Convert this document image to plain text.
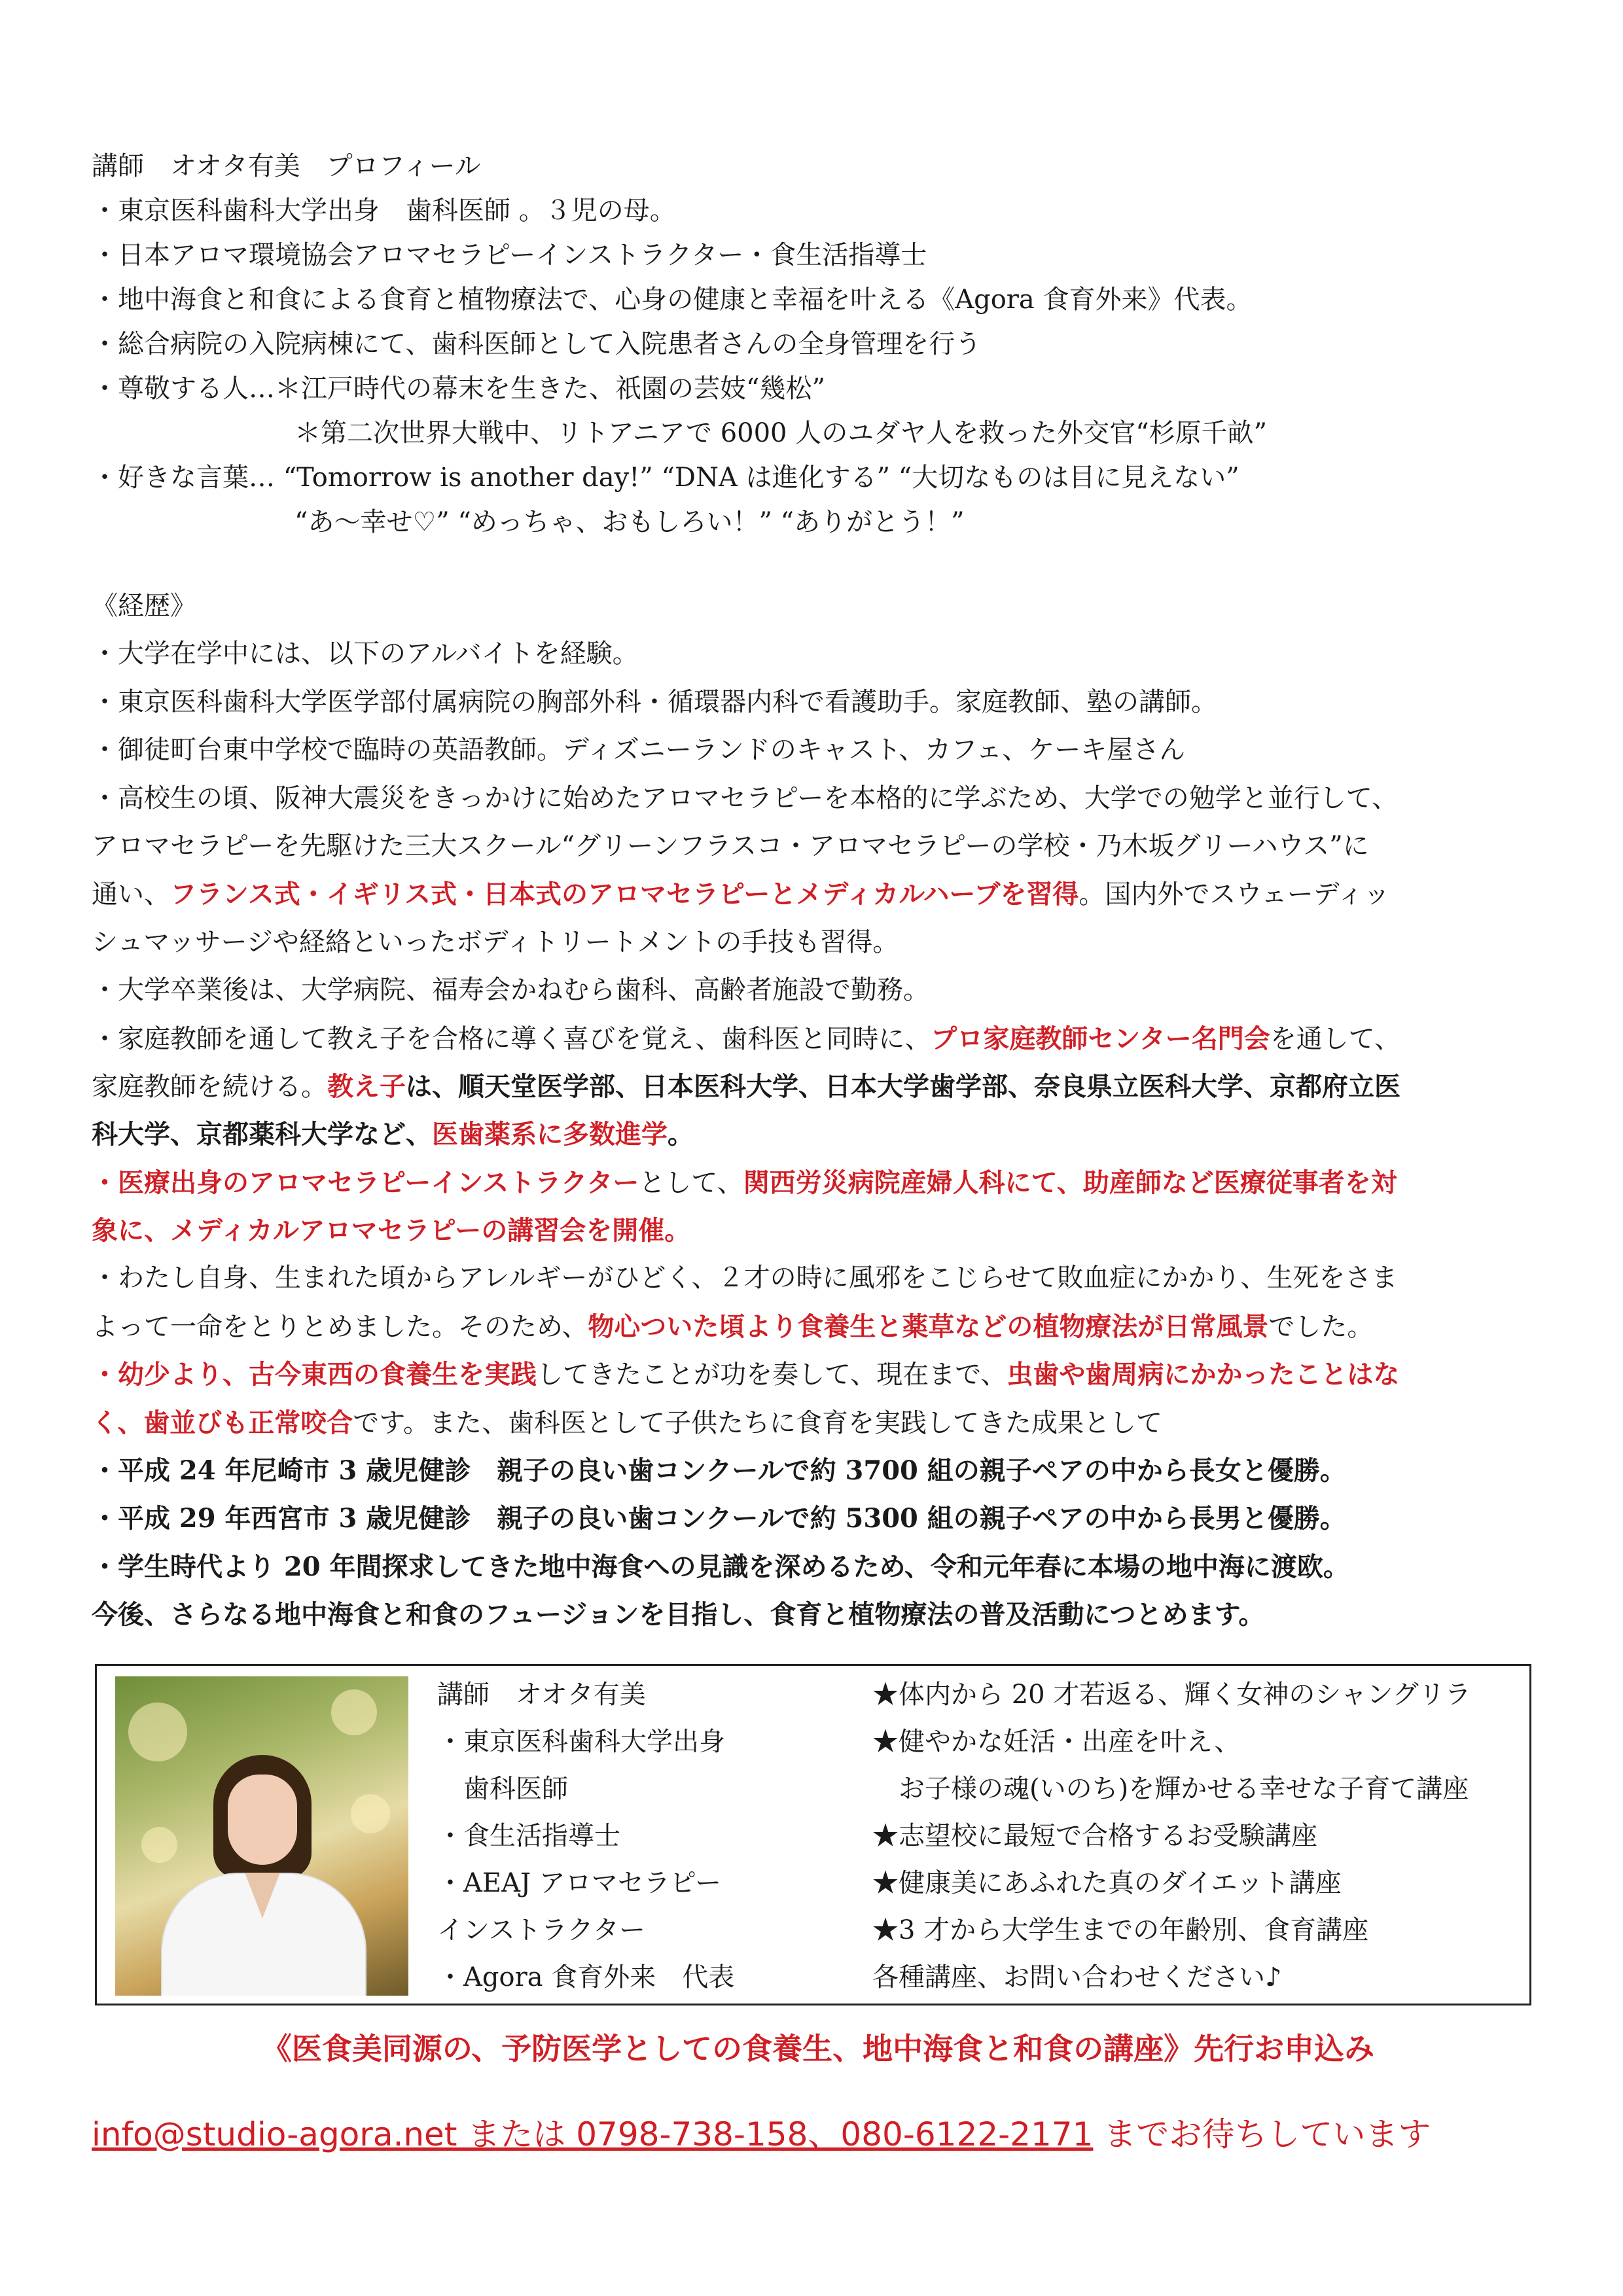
講師　オオタ有美　プロフィール
・東京医科歯科大学出身　歯科医師 。３児の母。
・日本アロマ環境協会アロマセラピーインストラクター・食生活指導士
・地中海食と和食による食育と植物療法で、心身の健康と幸福を叶える《Agora 食育外来》代表。
・総合病院の入院病棟にて、歯科医師として入院患者さんの全身管理を行う
・尊敬する人…＊江戸時代の幕末を生きた、祇園の芸妓“幾松”
＊第二次世界大戦中、リトアニアで 6000 人のユダヤ人を救った外交官“杉原千畝”
・好きな言葉… “Tomorrow is another day!” “DNA は進化する” “大切なものは目に見えない”
“あ～幸せ♡” “めっちゃ、おもしろい！” “ありがとう！”
《経歴》
・大学在学中には、以下のアルバイトを経験。
・東京医科歯科大学医学部付属病院の胸部外科・循環器内科で看護助手。家庭教師、塾の講師。
・御徒町台東中学校で臨時の英語教師。ディズニーランドのキャスト、カフェ、ケーキ屋さん
・高校生の頃、阪神大震災をきっかけに始めたアロマセラピーを本格的に学ぶため、大学での勉学と並行して、
アロマセラピーを先駆けた三大スクール“グリーンフラスコ・アロマセラピーの学校・乃木坂グリーハウス”に
通い、フランス式・イギリス式・日本式のアロマセラピーとメディカルハーブを習得。国内外でスウェーディッ
シュマッサージや経絡といったボディトリートメントの手技も習得。
・大学卒業後は、大学病院、福寿会かねむら歯科、高齢者施設で勤務。
・家庭教師を通して教え子を合格に導く喜びを覚え、歯科医と同時に、プロ家庭教師センター名門会を通して、
家庭教師を続ける。教え子は、順天堂医学部、日本医科大学、日本大学歯学部、奈良県立医科大学、京都府立医
科大学、京都薬科大学など、医歯薬系に多数進学。
・医療出身のアロマセラピーインストラクターとして、関西労災病院産婦人科にて、助産師など医療従事者を対
象に、メディカルアロマセラピーの講習会を開催。
・わたし自身、生まれた頃からアレルギーがひどく、２才の時に風邪をこじらせて敗血症にかかり、生死をさま
よって一命をとりとめました。そのため、物心ついた頃より食養生と薬草などの植物療法が日常風景でした。
・幼少より、古今東西の食養生を実践してきたことが功を奏して、現在まで、虫歯や歯周病にかかったことはな
く、歯並びも正常咬合です。また、歯科医として子供たちに食育を実践してきた成果として
・平成 24 年尼崎市 3 歳児健診　親子の良い歯コンクールで約 3700 組の親子ペアの中から長女と優勝。
・平成 29 年西宮市 3 歳児健診　親子の良い歯コンクールで約 5300 組の親子ペアの中から長男と優勝。
・学生時代より 20 年間探求してきた地中海食への見識を深めるため、令和元年春に本場の地中海に渡欧。
今後、さらなる地中海食と和食のフュージョンを目指し、食育と植物療法の普及活動につとめます。
講師　オオタ有美
・東京医科歯科大学出身
　歯科医師
・食生活指導士
・AEAJ アロマセラピー
インストラクター
・Agora 食育外来　代表
★体内から 20 才若返る、輝く女神のシャングリラ
★健やかな妊活・出産を叶え、
　お子様の魂(いのち)を輝かせる幸せな子育て講座
★志望校に最短で合格するお受験講座
★健康美にあふれた真のダイエット講座
★3 才から大学生までの年齢別、食育講座
各種講座、お問い合わせください♪
《医食美同源の、予防医学としての食養生、地中海食と和食の講座》先行お申込み
info@studio-agora.net または 0798-738-158、080-6122-2171 までお待ちしています
